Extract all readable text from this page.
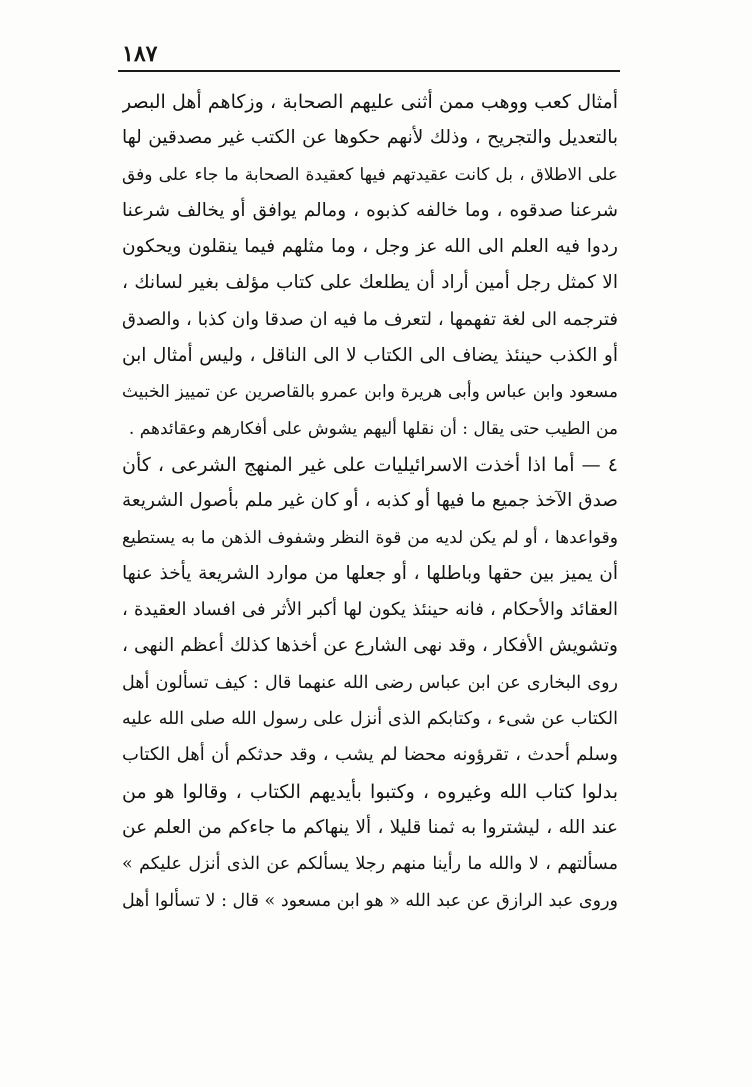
١٨٧
أمثال كعب ووهب ممن أثنى عليهم الصحابة ، وزكاهم أهل البصر
بالتعديل والتجريح ، وذلك لأنهم حكوها عن الكتب غير مصدقين لها
على الاطلاق ، بل كانت عقيدتهم فيها كعقيدة الصحابة ما جاء على وفق
شرعنا صدقوه ، وما خالفه كذبوه ، ومالم يوافق أو يخالف شرعنا
ردوا فيه العلم الى الله عز وجل ، وما مثلهم فيما ينقلون ويحكون
الا كمثل رجل أمين أراد أن يطلعك على كتاب مؤلف بغير لسانك ،
فترجمه الى لغة تفهمها ، لتعرف ما فيه ان صدقا وان كذبا ، والصدق
أو الكذب حينئذ يضاف الى الكتاب لا الى الناقل ، وليس أمثال ابن
مسعود وابن عباس وأبى هريرة وابن عمرو بالقاصرين عن تمييز الخبيث
من الطيب حتى يقال : أن نقلها أليهم يشوش على أفكارهم وعقائدهم .
٤ — أما اذا أخذت الاسرائيليات على غير المنهج الشرعى ، كأن
صدق الآخذ جميع ما فيها أو كذبه ، أو كان غير ملم بأصول الشريعة
وقواعدها ، أو لم يكن لديه من قوة النظر وشفوف الذهن ما به يستطيع
أن يميز بين حقها وباطلها ، أو جعلها من موارد الشريعة يأخذ عنها
العقائد والأحكام ، فانه حينئذ يكون لها أكبر الأثر فى افساد العقيدة ،
وتشويش الأفكار ، وقد نهى الشارع عن أخذها كذلك أعظم النهى ،
روى البخارى عن ابن عباس رضى الله عنهما قال : كيف تسألون أهل
الكتاب عن شىء ، وكتابكم الذى أنزل على رسول الله صلى الله عليه
وسلم أحدث ، تقرؤونه محضا لم يشب ، وقد حدثكم أن أهل الكتاب
بدلوا كتاب الله وغيروه ، وكتبوا بأيديهم الكتاب ، وقالوا هو من
عند الله ، ليشتروا به ثمنا قليلا ، ألا ينهاكم ما جاءكم من العلم عن
مسألتهم ، لا والله ما رأينا منهم رجلا يسألكم عن الذى أنزل عليكم »
وروى عبد الرازق عن عبد الله « هو ابن مسعود » قال : لا تسألوا أهل
